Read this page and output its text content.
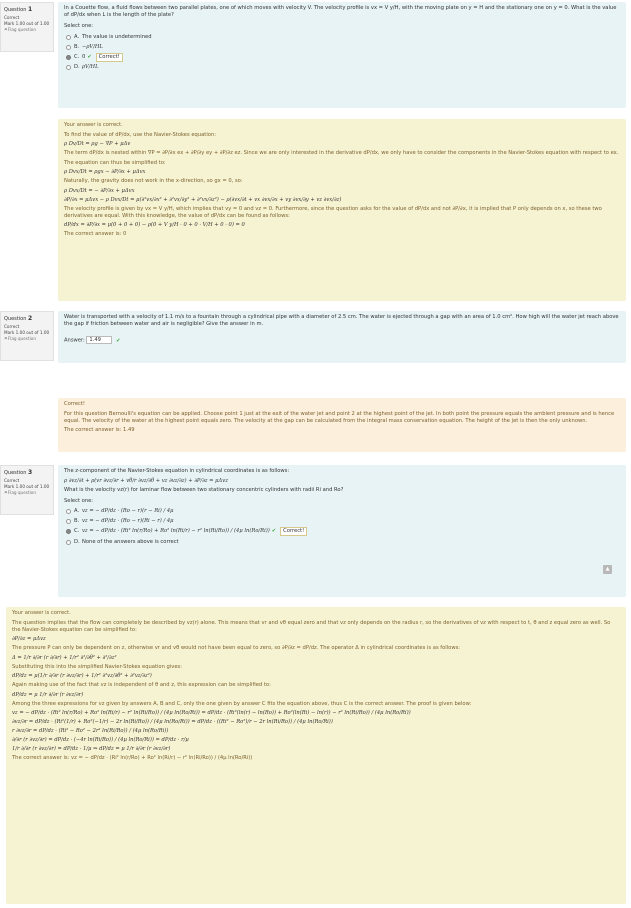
Question 1
Correct
Mark 1.00 out of 1.00
⚑ Flag question

In a Couette flow, a fluid flows between two parallel plates, one of which moves with velocity V. The velocity profile is vx = V y/H, with the moving plate on y = H and the stationary one on y = 0. What is the value of dP/dx when L is the length of the plate?

Select one:
A. The value is undetermined
B. −ρV/HL
C. 0 ✔	Correct!
D. ρV/HL

Your answer is correct.

To find the value of dP/dx, use the Navier-Stokes equation:

ρ Dv/Dt = ρg − ∇P + μΔv

The term dP/dx is nested within ∇P = ∂P/∂x ex + ∂P/∂y ey + ∂P/∂z ez. Since we are only interested in the derivative dP/dx, we only have to consider the components in the Navier-Stokes equation with respect to ex.

The equation can thus be simplified to:

ρ Dvx/Dt = ρgx − ∂P/∂x + μΔvx

Naturally, the gravity does not work in the x-direction, so gx = 0, so:

ρ Dvx/Dt = − ∂P/∂x + μΔvx
∂P/∂x = μΔvx − ρ Dvx/Dt = μ(∂²vx/∂x² + ∂²vx/∂y² + ∂²vx/∂z²) − ρ(∂vx/∂t + vx ∂vx/∂x + vy ∂vx/∂y + vz ∂vx/∂z)

The velocity profile is given by vx = V y/H, which implies that vy = 0 and vz = 0. Furthermore, since the question asks for the value of dP/dx and not ∂P/∂x, it is implied that P only depends on x, so these two derivatives are equal. With this knowledge, the value of dP/dx can be found as follows:

dP/dx = ∂P/∂x = μ(0 + 0 + 0) − ρ(0 + V y/H · 0 + 0 · V/H + 0 · 0) = 0

The correct answer is: 0

Question 2
Correct
Mark 1.00 out of 1.00
⚑ Flag question

Water is transported with a velocity of 1.1 m/s to a fountain through a cylindrical pipe with a diameter of 2.5 cm. The water is ejected through a gap with an area of 1.0 cm². How high will the water jet reach above the gap if friction between water and air is negligible? Give the answer in m.

Answer: 1.49	✔

Correct!

For this question Bernoulli's equation can be applied. Choose point 1 just at the exit of the water jet and point 2 at the highest point of the jet. In both point the pressure equals the ambient pressure and is hence equal. The velocity of the water at the highest point equals zero. The velocity at the gap can be calculated from the integral mass conservation equation. The height of the jet is then the only unknown.

The correct answer is: 1.49

Question 3
Correct
Mark 1.00 out of 1.00
⚑ Flag question

The z-component of the Navier-Stokes equation in cylindrical coordinates is as follows:

ρ ∂vz/∂t + ρ(vr ∂vz/∂r + vθ/r ∂vz/∂θ + vz ∂vz/∂z) + ∂P/∂z = μΔvz

What is the velocity vz(r) for laminar flow between two stationary concentric cylinders with radii Ri and Ro?

Select one:
A. vz = − dP/dz · (Ro − r)(r − Ri) / 4μ
B. vz = − dP/dz · (Ro − r)(Ri − r) / 4μ
C. vz = − dP/dz · (Ri² ln(r/Ro) + Ro² ln(Ri/r) − r² ln(Ri/Ro)) / (4μ ln(Ro/Ri)) ✔	Correct!
D. None of the answers above is correct
▲

Your answer is correct.

The question implies that the flow can completely be described by vz(r) alone. This means that vr and vθ equal zero and that vz only depends on the radius r, so the derivatives of vz with respect to t, θ and z equal zero as well. So the Navier-Stokes equation can be simplified to:

∂P/∂z = μΔvz

The pressure P can only be dependent on z, otherwise vr and vθ would not have been equal to zero, so ∂P/∂z = dP/dz. The operator Δ in cylindrical coordinates is as follows:

Δ = 1/r ∂/∂r (r ∂/∂r) + 1/r² ∂²/∂θ² + ∂²/∂z²

Substituting this into the simplified Navier-Stokes equation gives:

dP/dz = μ(1/r ∂/∂r (r ∂vz/∂r) + 1/r² ∂²vz/∂θ² + ∂²vz/∂z²)

Again making use of the fact that vz is independent of θ and z, this expression can be simplified to:

dP/dz = μ 1/r ∂/∂r (r ∂vz/∂r)

Among the three expressions for vz given by answers A, B and C, only the one given by answer C fits the equation above, thus C is the correct answer. The proof is given below:

vz = − dP/dz · (Ri² ln(r/Ro) + Ro² ln(Ri/r) − r² ln(Ri/Ro)) / (4μ ln(Ro/Ri)) = dP/dz · (Ri²(ln(r) − ln(Ro)) + Ro²(ln(Ri) − ln(r)) − r² ln(Ri/Ro)) / (4μ ln(Ro/Ri))
∂vz/∂r = dP/dz · (Ri²(1/r) + Ro²(−1/r) − 2r ln(Ri/Ro)) / (4μ ln(Ro/Ri)) = dP/dz · ((Ri² − Ro²)/r − 2r ln(Ri/Ro)) / (4μ ln(Ro/Ri))
r ∂vz/∂r = dP/dz · (Ri² − Ro² − 2r² ln(Ri/Ro)) / (4μ ln(Ro/Ri))
∂/∂r (r ∂vz/∂r) = dP/dz · (−4r ln(Ri/Ro)) / (4μ ln(Ro/Ri)) = dP/dz · r/μ
1/r ∂/∂r (r ∂vz/∂r) = dP/dz · 1/μ ⇒ dP/dz = μ 1/r ∂/∂r (r ∂vz/∂r)

The correct answer is: vz = − dP/dz · (Ri² ln(r/Ro) + Ro² ln(Ri/r) − r² ln(Ri/Ro)) / (4μ ln(Ro/Ri))
